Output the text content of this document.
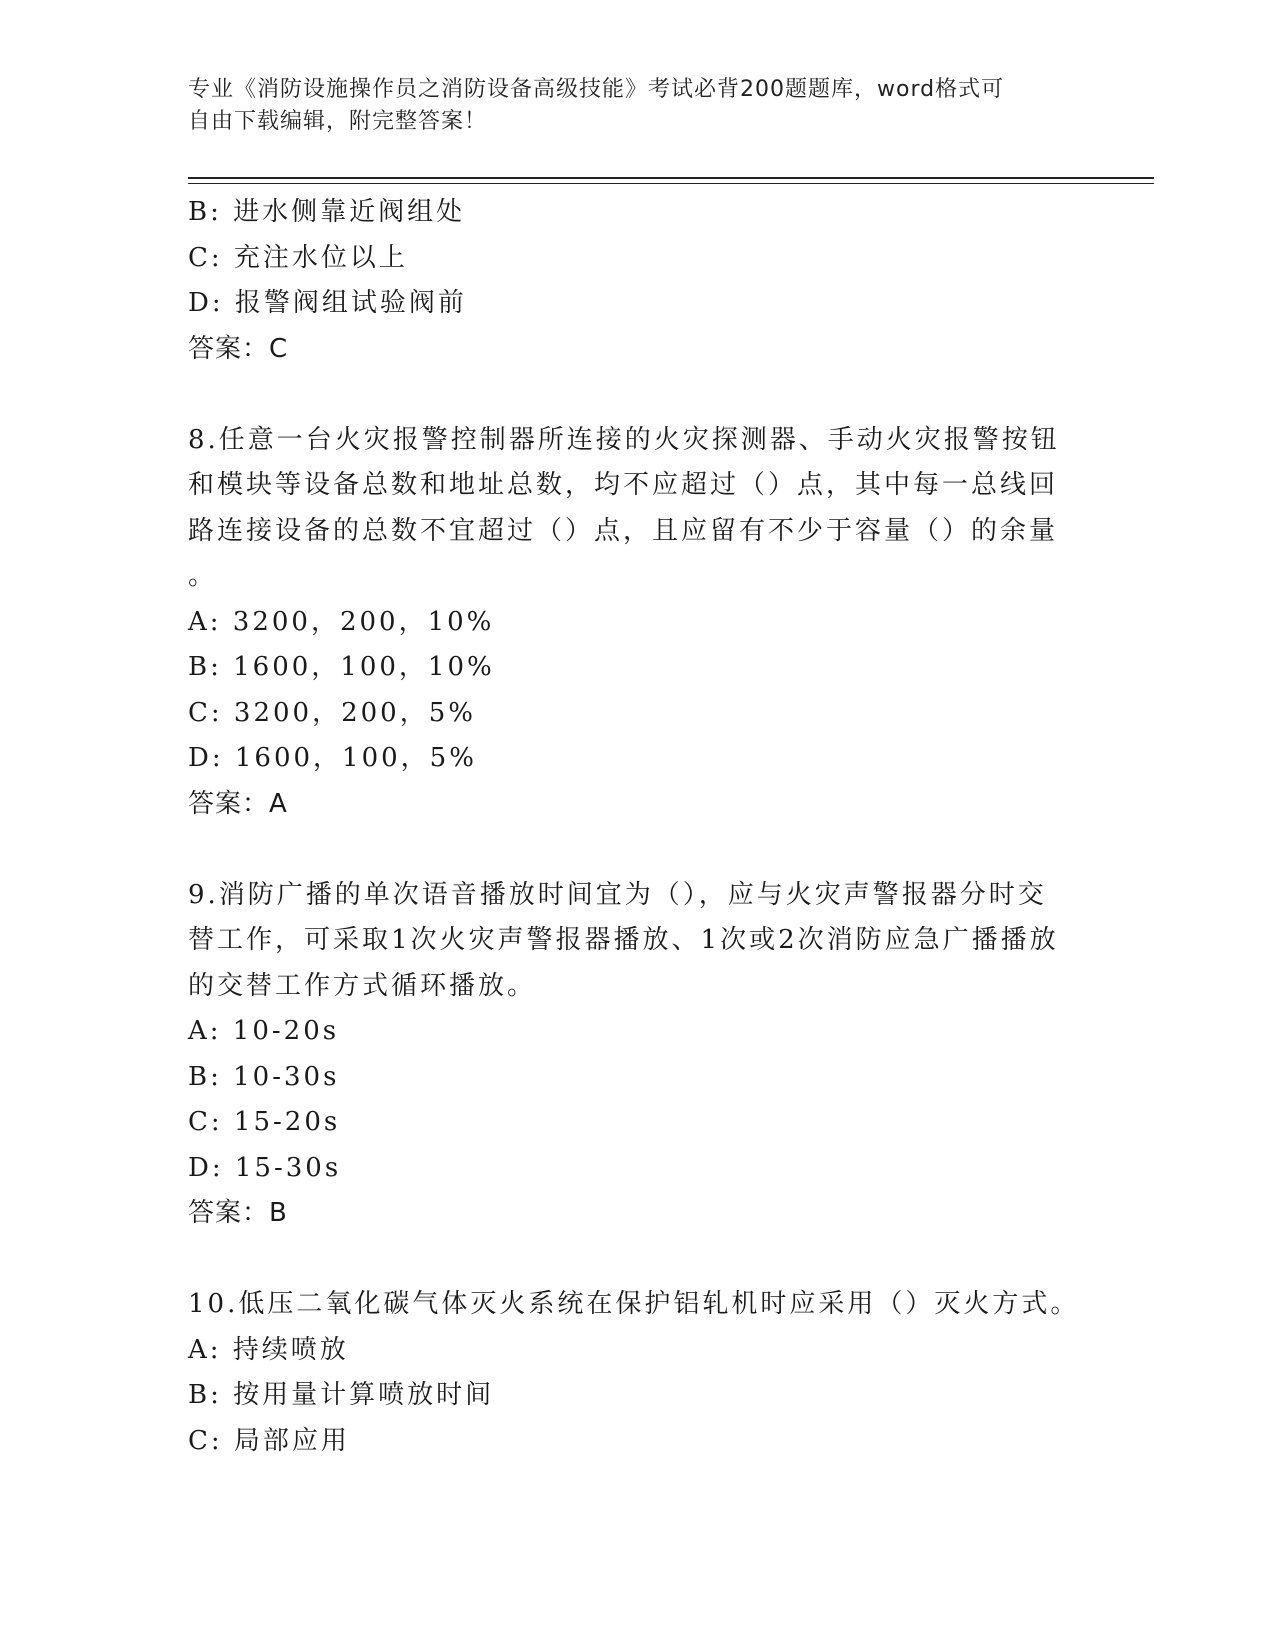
专业《消防设施操作员之消防设备高级技能》考试必背200题题库，word格式可
自由下载编辑，附完整答案！
B: 进水侧靠近阀组处
C: 充注水位以上
D: 报警阀组试验阀前
答案：C
8.任意一台火灾报警控制器所连接的火灾探测器、手动火灾报警按钮
和模块等设备总数和地址总数，均不应超过（）点，其中每一总线回
路连接设备的总数不宜超过（）点，且应留有不少于容量（）的余量
。
A: 3200，200，10%
B: 1600，100，10%
C: 3200，200，5%
D: 1600，100，5%
答案：A
9.消防广播的单次语音播放时间宜为（），应与火灾声警报器分时交
替工作，可采取1次火灾声警报器播放、1次或2次消防应急广播播放
的交替工作方式循环播放。
A: 10-20s
B: 10-30s
C: 15-20s
D: 15-30s
答案：B
10.低压二氧化碳气体灭火系统在保护铝轧机时应采用（）灭火方式。
A: 持续喷放
B: 按用量计算喷放时间
C: 局部应用
